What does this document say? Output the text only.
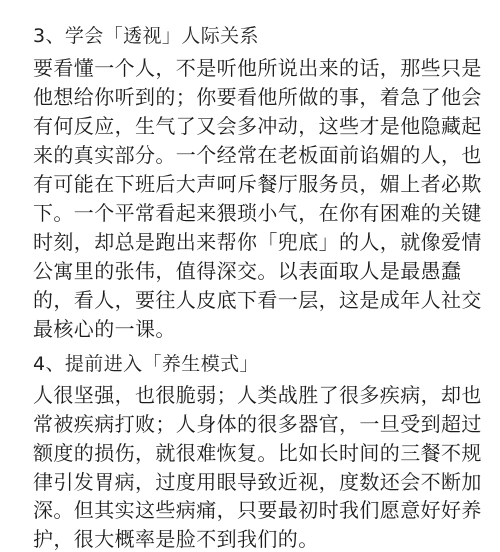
3、学会「透视」人际关系
要看懂一个人，不是听他所说出来的话，那些只是
他想给你听到的；你要看他所做的事，着急了他会
有何反应，生气了又会多冲动，这些才是他隐藏起
来的真实部分。一个经常在老板面前谄媚的人，也
有可能在下班后大声呵斥餐厅服务员，媚上者必欺
下。一个平常看起来猥琐小气，在你有困难的关键
时刻，却总是跑出来帮你「兜底」的人，就像爱情
公寓里的张伟，值得深交。以表面取人是最愚蠢
的，看人，要往人皮底下看一层，这是成年人社交
最核心的一课。
4、提前进入「养生模式」
人很坚强，也很脆弱；人类战胜了很多疾病，却也
常被疾病打败；人身体的很多器官，一旦受到超过
额度的损伤，就很难恢复。比如长时间的三餐不规
律引发胃病，过度用眼导致近视，度数还会不断加
深。但其实这些病痛，只要最初时我们愿意好好养
护，很大概率是脸不到我们的。
